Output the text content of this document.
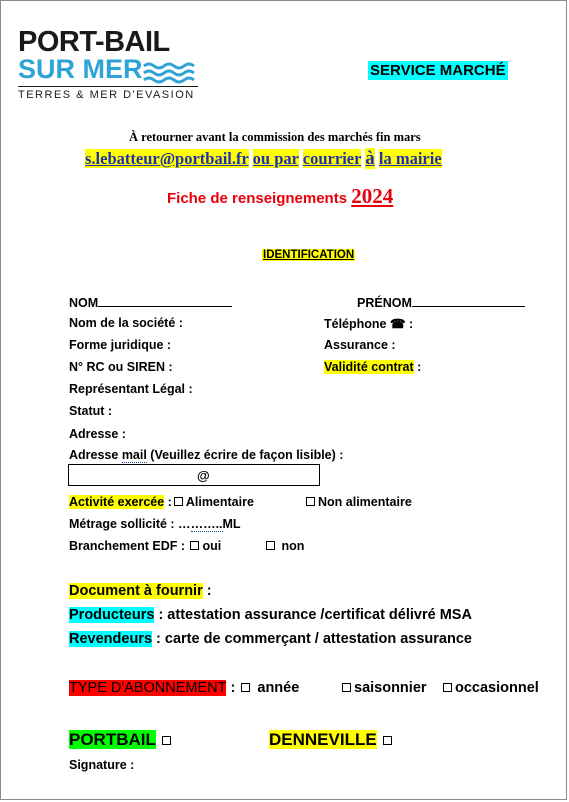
PORT-BAIL
SUR MER
TERRES & MER D'EVASION
SERVICE MARCHÉ
À retourner avant la commission des marchés fin mars
s.lebatteur@portbail.fr ou par courrier à la mairie
Fiche de renseignements 2024
IDENTIFICATION
NOM	PRÉNOM
Nom de la société :	Téléphone ☎ :
Forme juridique :	Assurance :
N° RC ou SIREN :	Validité contrat :
Représentant Légal :
Statut :
Adresse :
Adresse mail (Veuillez écrire de façon lisible) :
@
Activité exercée : Alimentaire	Non alimentaire
Métrage sollicité : ………..ML
Branchement EDF : oui	non
Document à fournir :
Producteurs : attestation assurance /certificat délivré MSA
Revendeurs : carte de commerçant / attestation assurance
TYPE D'ABONNEMENT : année	saisonnier	occasionnel
PORTBAIL	DENNEVILLE
Signature :
